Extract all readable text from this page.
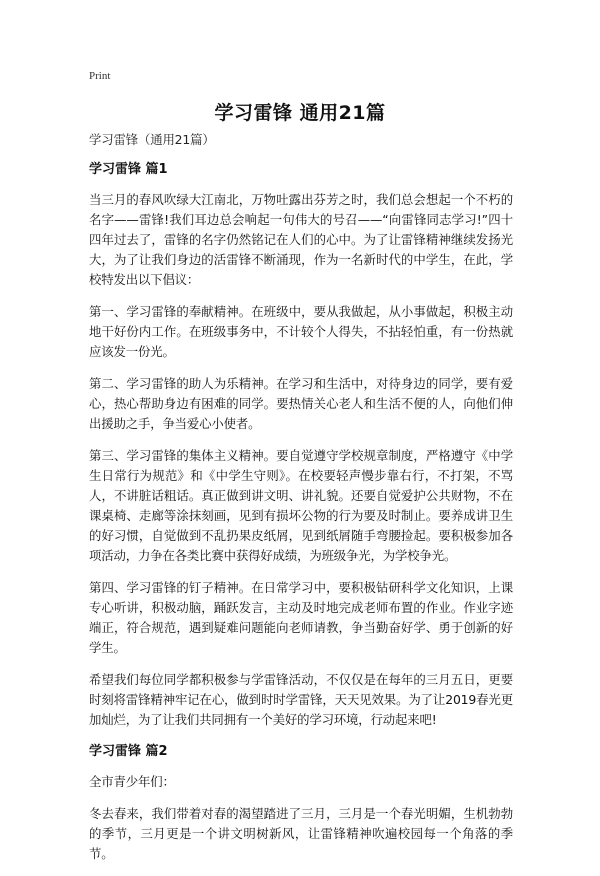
Print
学习雷锋 通用21篇

学习雷锋（通用21篇）

学习雷锋 篇1

当三月的春风吹绿大江南北，万物吐露出芬芳之时，我们总会想起一个不朽的名字——雷锋!我们耳边总会响起一句伟大的号召——“向雷锋同志学习!”四十四年过去了，雷锋的名字仍然铭记在人们的心中。为了让雷锋精神继续发扬光大，为了让我们身边的活雷锋不断涌现，作为一名新时代的中学生，在此，学校特发出以下倡议：

第一、学习雷锋的奉献精神。在班级中，要从我做起，从小事做起，积极主动地干好份内工作。在班级事务中，不计较个人得失，不拈轻怕重，有一份热就应该发一份光。

第二、学习雷锋的助人为乐精神。在学习和生活中，对待身边的同学，要有爱心，热心帮助身边有困难的同学。要热情关心老人和生活不便的人，向他们伸出援助之手，争当爱心小使者。

第三、学习雷锋的集体主义精神。要自觉遵守学校规章制度，严格遵守《中学生日常行为规范》和《中学生守则》。在校要轻声慢步靠右行，不打架，不骂人，不讲脏话粗话。真正做到讲文明、讲礼貌。还要自觉爱护公共财物，不在课桌椅、走廊等涂抹刻画，见到有损坏公物的行为要及时制止。要养成讲卫生的好习惯，自觉做到不乱扔果皮纸屑，见到纸屑随手弯腰捡起。要积极参加各项活动，力争在各类比赛中获得好成绩，为班级争光，为学校争光。

第四、学习雷锋的钉子精神。在日常学习中，要积极钻研科学文化知识，上课专心听讲，积极动脑，踊跃发言，主动及时地完成老师布置的作业。作业字迹端正，符合规范，遇到疑难问题能向老师请教，争当勤奋好学、勇于创新的好学生。

希望我们每位同学都积极参与学雷锋活动，不仅仅是在每年的三月五日，更要时刻将雷锋精神牢记在心，做到时时学雷锋，天天见效果。为了让2019春光更加灿烂，为了让我们共同拥有一个美好的学习环境，行动起来吧!

学习雷锋 篇2

全市青少年们：

冬去春来，我们带着对春的渴望踏进了三月，三月是一个春光明媚，生机勃勃的季节，三月更是一个讲文明树新风，让雷锋精神吹遍校园每一个角落的季节。
